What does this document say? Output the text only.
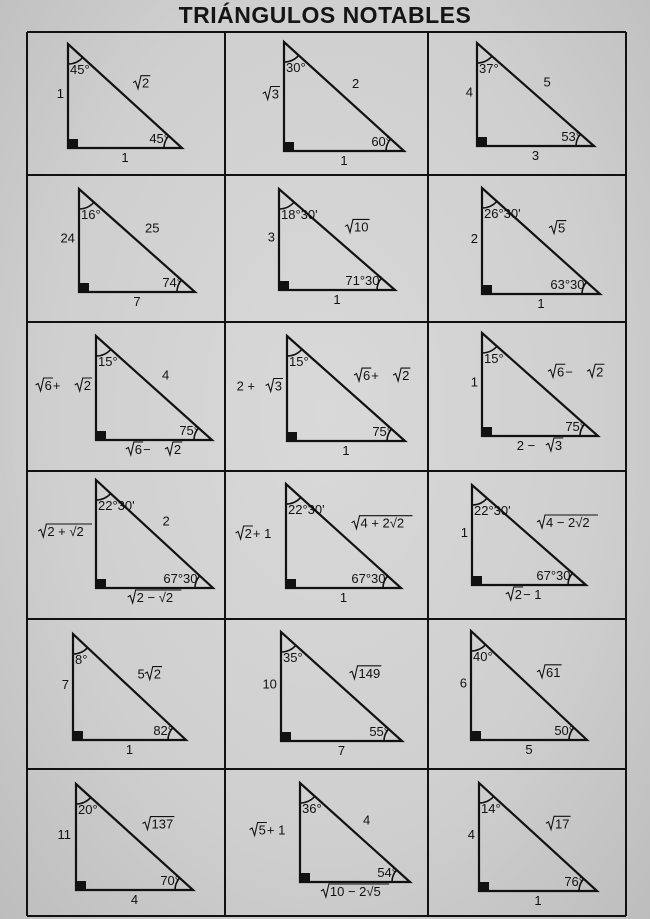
TRIÁNGULOS NOTABLES
45°
45°
1
1
2
30°
60°
3
1
2
37°
53°
4
3
5
16°
74°
24
7
25
18°30'
71°30'
3
1
10
26°30'
63°30'
2
1
5
15°
75°
6 + 2
6 − 2
4
15°
75°
2 + 3
1
6 + 2
15°
75°
1
2 − 3
6 − 2
22°30'
67°30'
2 + √2
2 − √2
2
22°30'
67°30'
2 + 1
1
4 + 2√2
22°30'
67°30'
1
2 − 1
4 − 2√2
8°
82°
7
1
5 2
35°
55°
10
7
149
40°
50°
6
5
61
20°
70°
11
4
137
36°
54°
5 + 1
10 − 2√5
4
14°
76°
4
1
17
